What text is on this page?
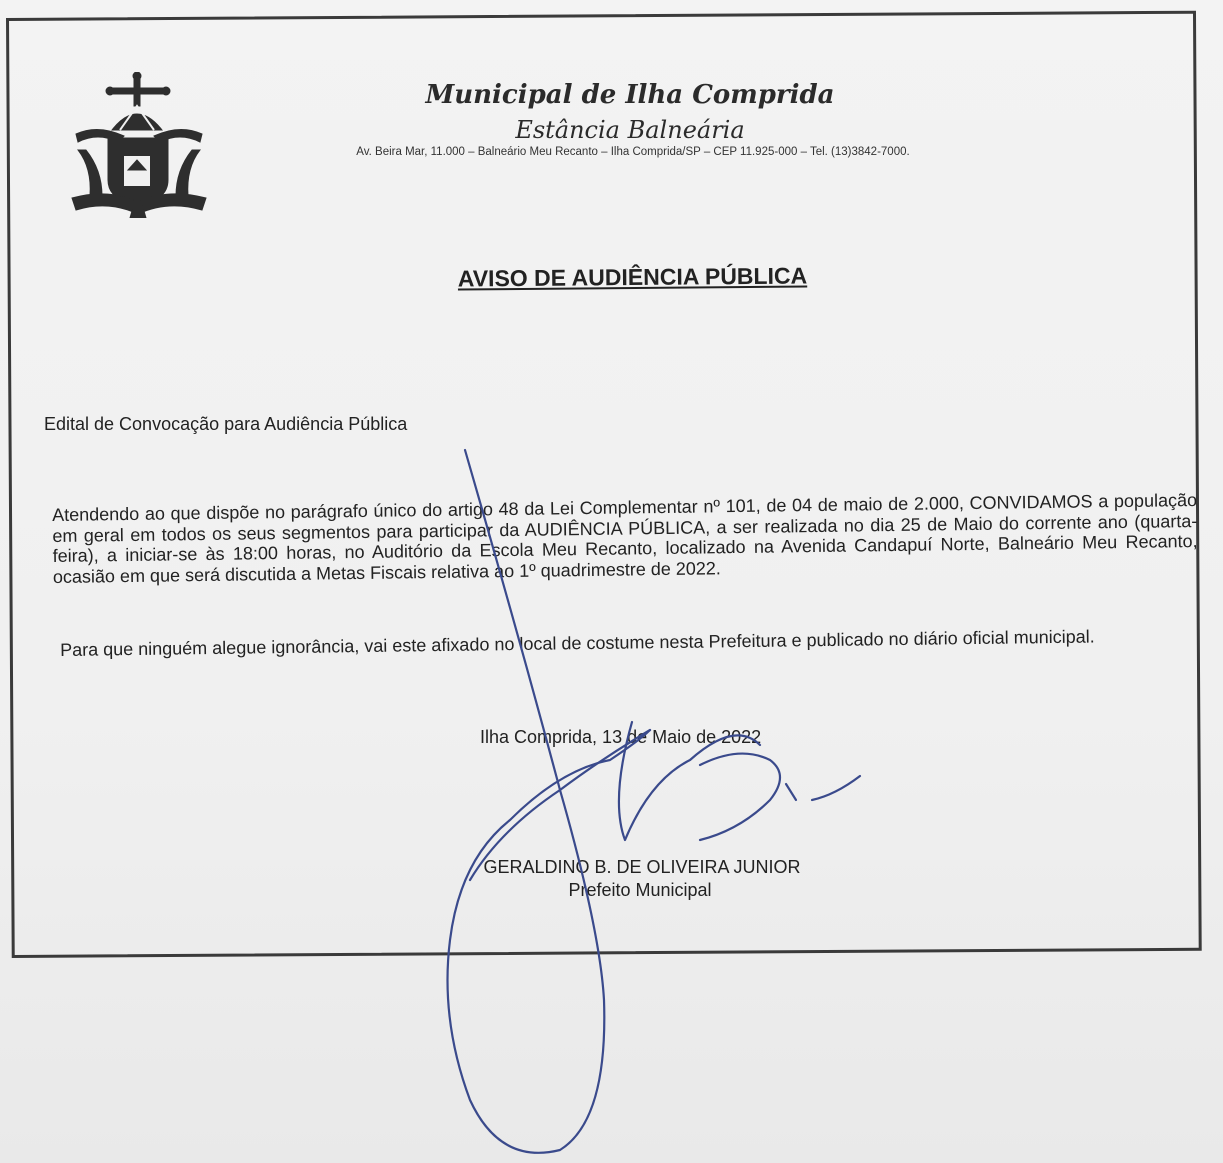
Municipal de Ilha Comprida
Estância Balneária
Av. Beira Mar, 11.000 – Balneário Meu Recanto – Ilha Comprida/SP – CEP 11.925-000 – Tel. (13)3842-7000.
AVISO DE AUDIÊNCIA PÚBLICA
Edital de Convocação para Audiência Pública
Atendendo ao que dispõe no parágrafo único do artigo 48 da Lei Complementar nº 101, de 04 de maio de 2.000, CONVIDAMOS a população em geral em todos os seus segmentos para participar da AUDIÊNCIA PÚBLICA, a ser realizada no dia 25 de Maio do corrente ano (quarta- feira), a iniciar-se às 18:00 horas, no Auditório da Escola Meu Recanto, localizado na Avenida Candapuí Norte, Balneário Meu Recanto, ocasião em que será discutida a Metas Fiscais relativa ao 1º quadrimestre de 2022.
Para que ninguém alegue ignorância, vai este afixado no local de costume nesta Prefeitura e publicado no diário oficial municipal.
Ilha Comprida, 13 de Maio de 2022
GERALDINO B. DE OLIVEIRA JUNIOR
Prefeito Municipal
